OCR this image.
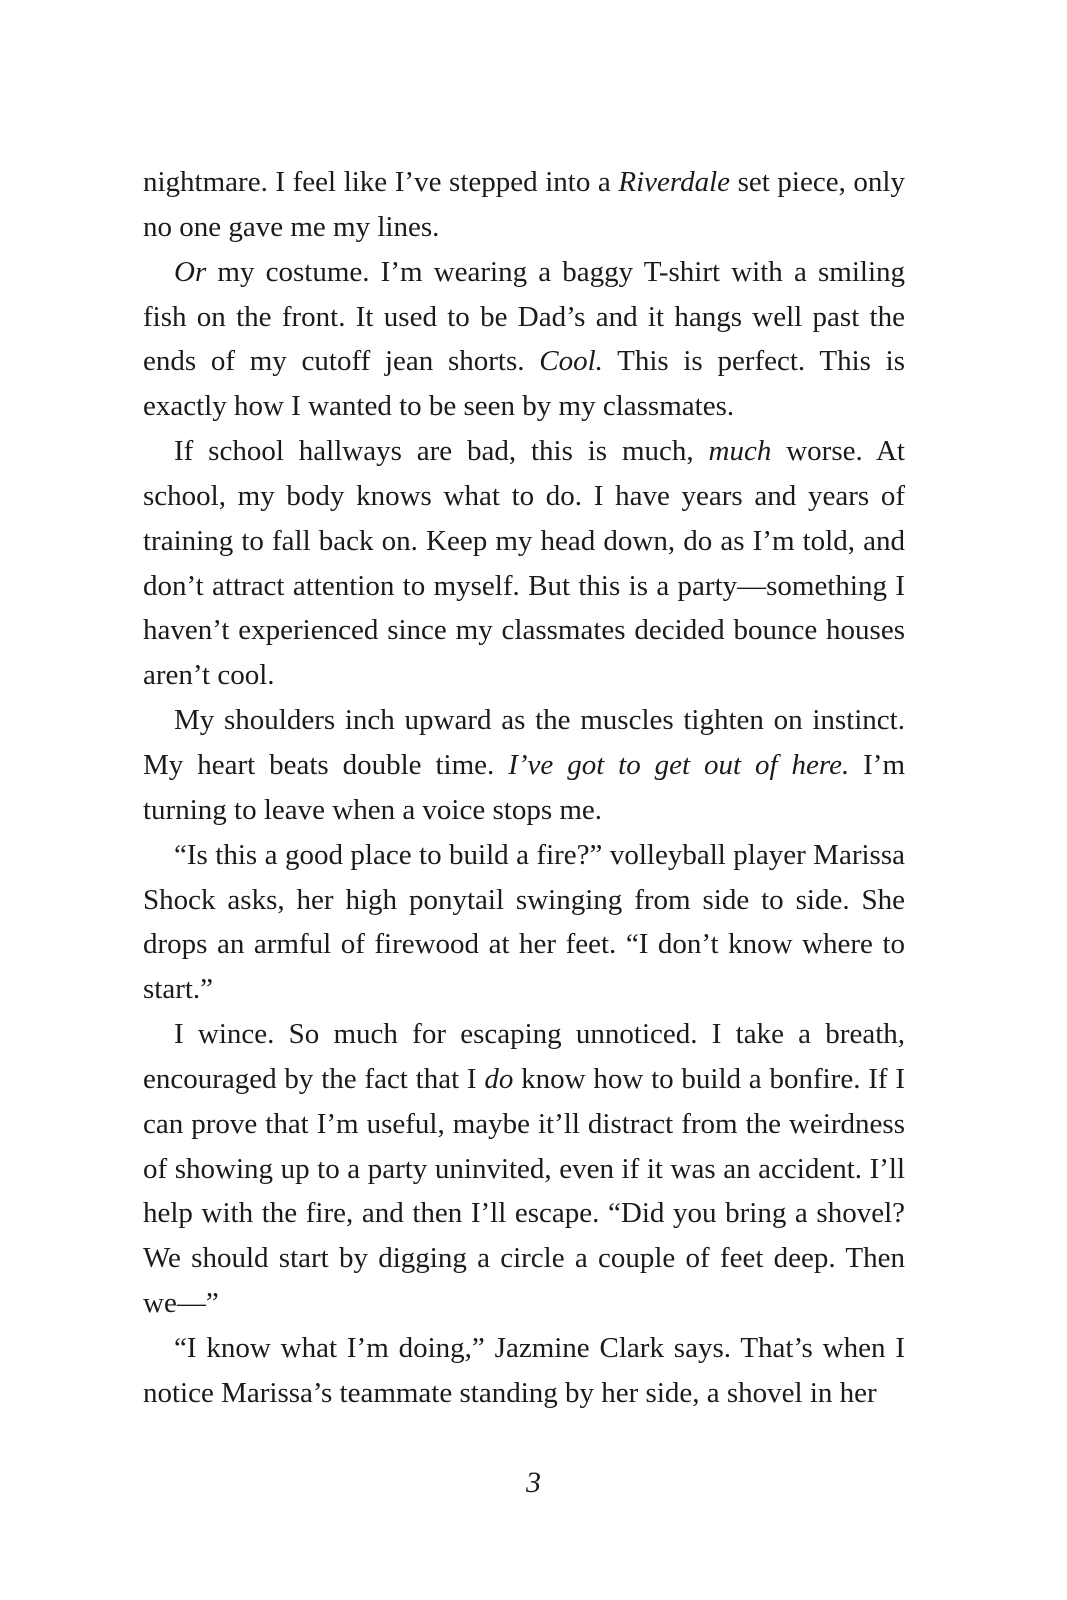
nightmare. I feel like I’ve stepped into a Riverdale set piece, only no one gave me my lines.

Or my costume. I’m wearing a baggy T-shirt with a smiling fish on the front. It used to be Dad’s and it hangs well past the ends of my cutoff jean shorts. Cool. This is perfect. This is exactly how I wanted to be seen by my classmates.

If school hallways are bad, this is much, much worse. At school, my body knows what to do. I have years and years of training to fall back on. Keep my head down, do as I’m told, and don’t attract attention to myself. But this is a party—something I haven’t experienced since my classmates decided bounce houses aren’t cool.

My shoulders inch upward as the muscles tighten on instinct. My heart beats double time. I’ve got to get out of here. I’m turning to leave when a voice stops me.

“Is this a good place to build a fire?” volleyball player Marissa Shock asks, her high ponytail swinging from side to side. She drops an armful of firewood at her feet. “I don’t know where to start.”

I wince. So much for escaping unnoticed. I take a breath, encouraged by the fact that I do know how to build a bonfire. If I can prove that I’m useful, maybe it’ll distract from the weirdness of showing up to a party uninvited, even if it was an accident. I’ll help with the fire, and then I’ll escape. “Did you bring a shovel? We should start by digging a circle a couple of feet deep. Then we—”

“I know what I’m doing,” Jazmine Clark says. That’s when I notice Marissa’s teammate standing by her side, a shovel in her

3
